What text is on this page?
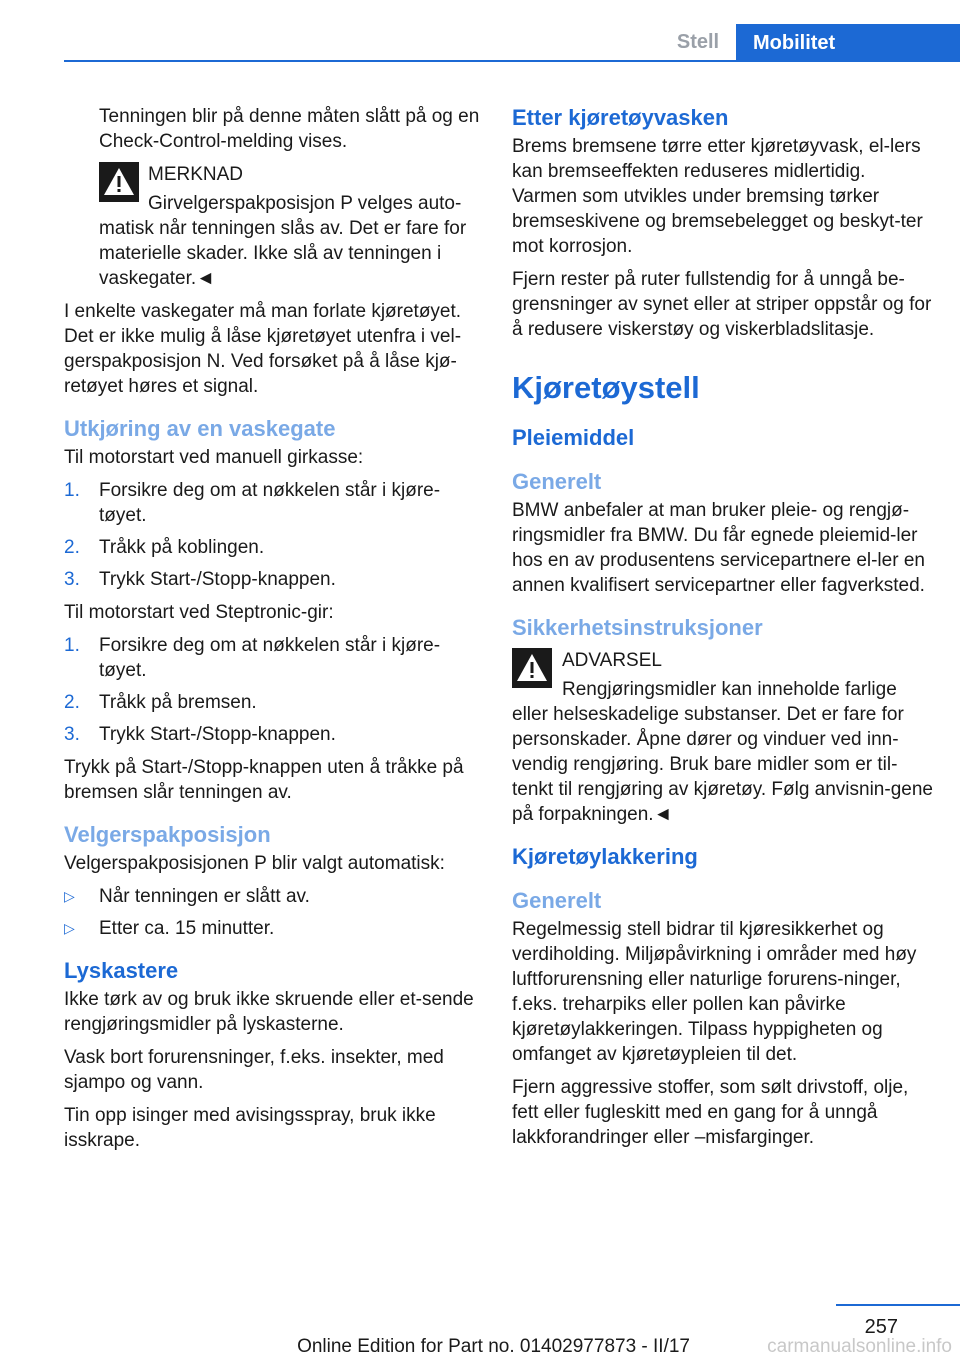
Stell	Mobilitet

Tenningen blir på denne måten slått på og en Check-Control-melding vises.

MERKNAD
Girvelgerspakposisjon P velges auto-
matisk når tenningen slås av. Det er fare for materielle skader. Ikke slå av tenningen i vaskegater.◄

I enkelte vaskegater må man forlate kjøretøyet. Det er ikke mulig å låse kjøretøyet utenfra i vel-gerspakposisjon N. Ved forsøket på å låse kjø-retøyet høres et signal.

Utkjøring av en vaskegate

Til motorstart ved manuell girkasse:

1.	Forsikre deg om at nøkkelen står i kjøre-tøyet.
2.	Tråkk på koblingen.
3.	Trykk Start-/Stopp-knappen.

Til motorstart ved Steptronic-gir:

1.	Forsikre deg om at nøkkelen står i kjøre-tøyet.
2.	Tråkk på bremsen.
3.	Trykk Start-/Stopp-knappen.

Trykk på Start-/Stopp-knappen uten å tråkke på bremsen slår tenningen av.

Velgerspakposisjon

Velgerspakposisjonen P blir valgt automatisk:

▷	Når tenningen er slått av.
▷	Etter ca. 15 minutter.
Lyskastere

Ikke tørk av og bruk ikke skruende eller et-sende rengjøringsmidler på lyskasterne.

Vask bort forurensninger, f.eks. insekter, med sjampo og vann.

Tin opp isinger med avisingsspray, bruk ikke isskrape.

Etter kjøretøyvasken

Brems bremsene tørre etter kjøretøyvask, el-lers kan bremseeffekten reduseres midlertidig. Varmen som utvikles under bremsing tørker bremseskivene og bremsebelegget og beskyt-ter mot korrosjon.

Fjern rester på ruter fullstendig for å unngå be-grensninger av synet eller at striper oppstår og for å redusere viskerstøy og viskerbladslitasje.

Kjøretøystell
Pleiemiddel
Generelt

BMW anbefaler at man bruker pleie- og rengjø-ringsmidler fra BMW. Du får egnede pleiemid-ler hos en av produsentens servicepartnere el-ler en annen kvalifisert servicepartner eller fagverksted.

Sikkerhetsinstruksjoner
ADVARSEL
Rengjøringsmidler kan inneholde farlige
eller helseskadelige substanser. Det er fare for personskader. Åpne dører og vinduer ved inn-vendig rengjøring. Bruk bare midler som er til-tenkt til rengjøring av kjøretøy. Følg anvisnin-gene på forpakningen.◄
Kjøretøylakkering
Generelt

Regelmessig stell bidrar til kjøresikkerhet og verdiholding. Miljøpåvirkning i områder med høy luftforurensning eller naturlige forurens-ninger, f.eks. treharpiks eller pollen kan påvirke kjøretøylakkeringen. Tilpass hyppigheten og omfanget av kjøretøypleien til det.

Fjern aggressive stoffer, som sølt drivstoff, olje, fett eller fugleskitt med en gang for å unngå lakkforandringer eller –misfarginger.

257
Online Edition for Part no. 01402977873 - II/17	carmanualsonline.info
